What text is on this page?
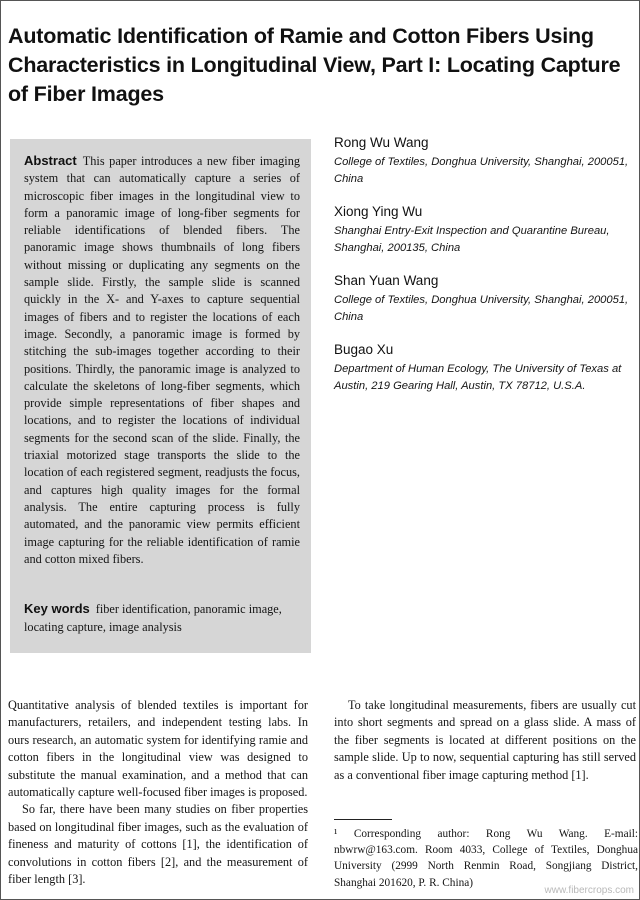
Automatic Identification of Ramie and Cotton Fibers Using Characteristics in Longitudinal View, Part I: Locating Capture of Fiber Images
Abstract This paper introduces a new fiber imaging system that can automatically capture a series of microscopic fiber images in the longitudinal view to form a panoramic image of long-fiber segments for reliable identifications of blended fibers. The panoramic image shows thumbnails of long fibers without missing or duplicating any segments on the sample slide. Firstly, the sample slide is scanned quickly in the X- and Y-axes to capture sequential images of fibers and to register the locations of each image. Secondly, a panoramic image is formed by stitching the sub-images together according to their positions. Thirdly, the panoramic image is analyzed to calculate the skeletons of long-fiber segments, which provide simple representations of fiber shapes and locations, and to register the locations of individual segments for the second scan of the slide. Finally, the triaxial motorized stage transports the slide to the location of each registered segment, readjusts the focus, and captures high quality images for the formal analysis. The entire capturing process is fully automated, and the panoramic view permits efficient image capturing for the reliable identification of ramie and cotton mixed fibers.
Key words fiber identification, panoramic image, locating capture, image analysis
Rong Wu Wang
College of Textiles, Donghua University, Shanghai, 200051, China
Xiong Ying Wu
Shanghai Entry-Exit Inspection and Quarantine Bureau, Shanghai, 200135, China
Shan Yuan Wang
College of Textiles, Donghua University, Shanghai, 200051, China
Bugao Xu
Department of Human Ecology, The University of Texas at Austin, 219 Gearing Hall, Austin, TX 78712, U.S.A.

Quantitative analysis of blended textiles is important for manufacturers, retailers, and independent testing labs. In ours research, an automatic system for identifying ramie and cotton fibers in the longitudinal view was designed to substitute the manual examination, and a method that can automatically capture well-focused fiber images is proposed.

So far, there have been many studies on fiber properties based on longitudinal fiber images, such as the evaluation of fineness and maturity of cottons [1], the identification of convolutions in cotton fibers [2], and the measurement of fiber length [3].

To take longitudinal measurements, fibers are usually cut into short segments and spread on a glass slide. A mass of the fiber segments is located at different positions on the sample slide. Up to now, sequential capturing has still served as a conventional fiber image capturing method [1].

¹ Corresponding author: Rong Wu Wang. E-mail: nbwrw@163.com. Room 4033, College of Textiles, Donghua University (2999 North Renmin Road, Songjiang District, Shanghai 201620, P. R. China)
www.fibercrops.com
